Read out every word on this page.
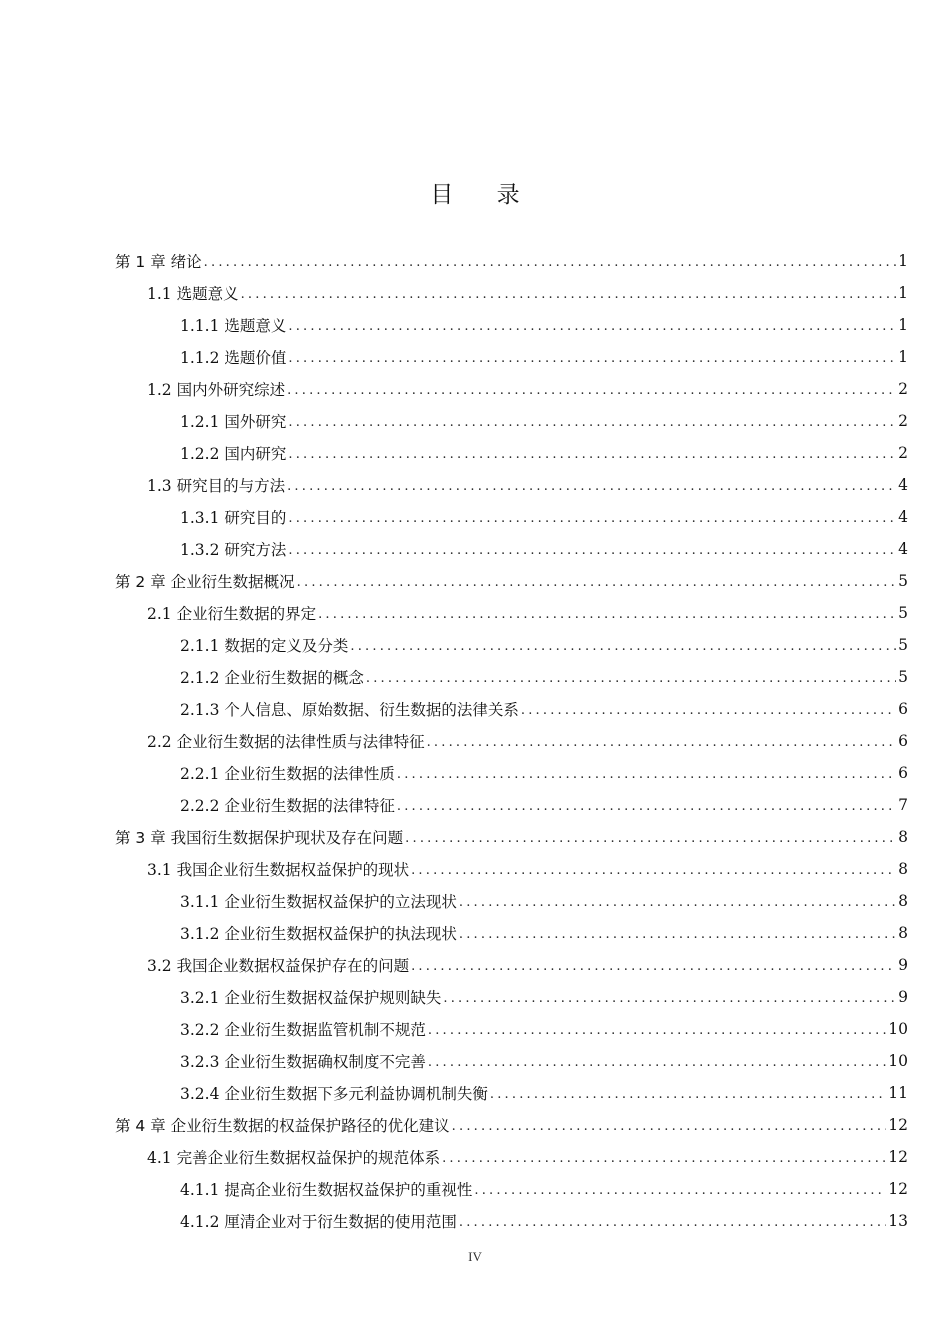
目 录
第 1 章 绪论 .....	1
1.1 选题意义 .....	1
1.1.1 选题意义 .....	1
1.1.2 选题价值 .....	1
1.2 国内外研究综述 .....	2
1.2.1 国外研究 .....	2
1.2.2 国内研究 .....	2
1.3 研究目的与方法 .....	4
1.3.1 研究目的 .....	4
1.3.2 研究方法 .....	4
第 2 章 企业衍生数据概况 .....	5
2.1 企业衍生数据的界定 .....	5
2.1.1 数据的定义及分类 .....	5
2.1.2 企业衍生数据的概念 .....	5
2.1.3 个人信息、原始数据、衍生数据的法律关系 .....	6
2.2 企业衍生数据的法律性质与法律特征 .....	6
2.2.1 企业衍生数据的法律性质 .....	6
2.2.2 企业衍生数据的法律特征 .....	7
第 3 章 我国衍生数据保护现状及存在问题 .....	8
3.1 我国企业衍生数据权益保护的现状 .....	8
3.1.1 企业衍生数据权益保护的立法现状 .....	8
3.1.2 企业衍生数据权益保护的执法现状 .....	8
3.2 我国企业数据权益保护存在的问题 .....	9
3.2.1 企业衍生数据权益保护规则缺失 .....	9
3.2.2 企业衍生数据监管机制不规范 .....	10
3.2.3 企业衍生数据确权制度不完善 .....	10
3.2.4 企业衍生数据下多元利益协调机制失衡 .....	11
第 4 章 企业衍生数据的权益保护路径的优化建议 .....	12
4.1 完善企业衍生数据权益保护的规范体系 .....	12
4.1.1 提高企业衍生数据权益保护的重视性 .....	12
4.1.2 厘清企业对于衍生数据的使用范围 .....	13
IV
